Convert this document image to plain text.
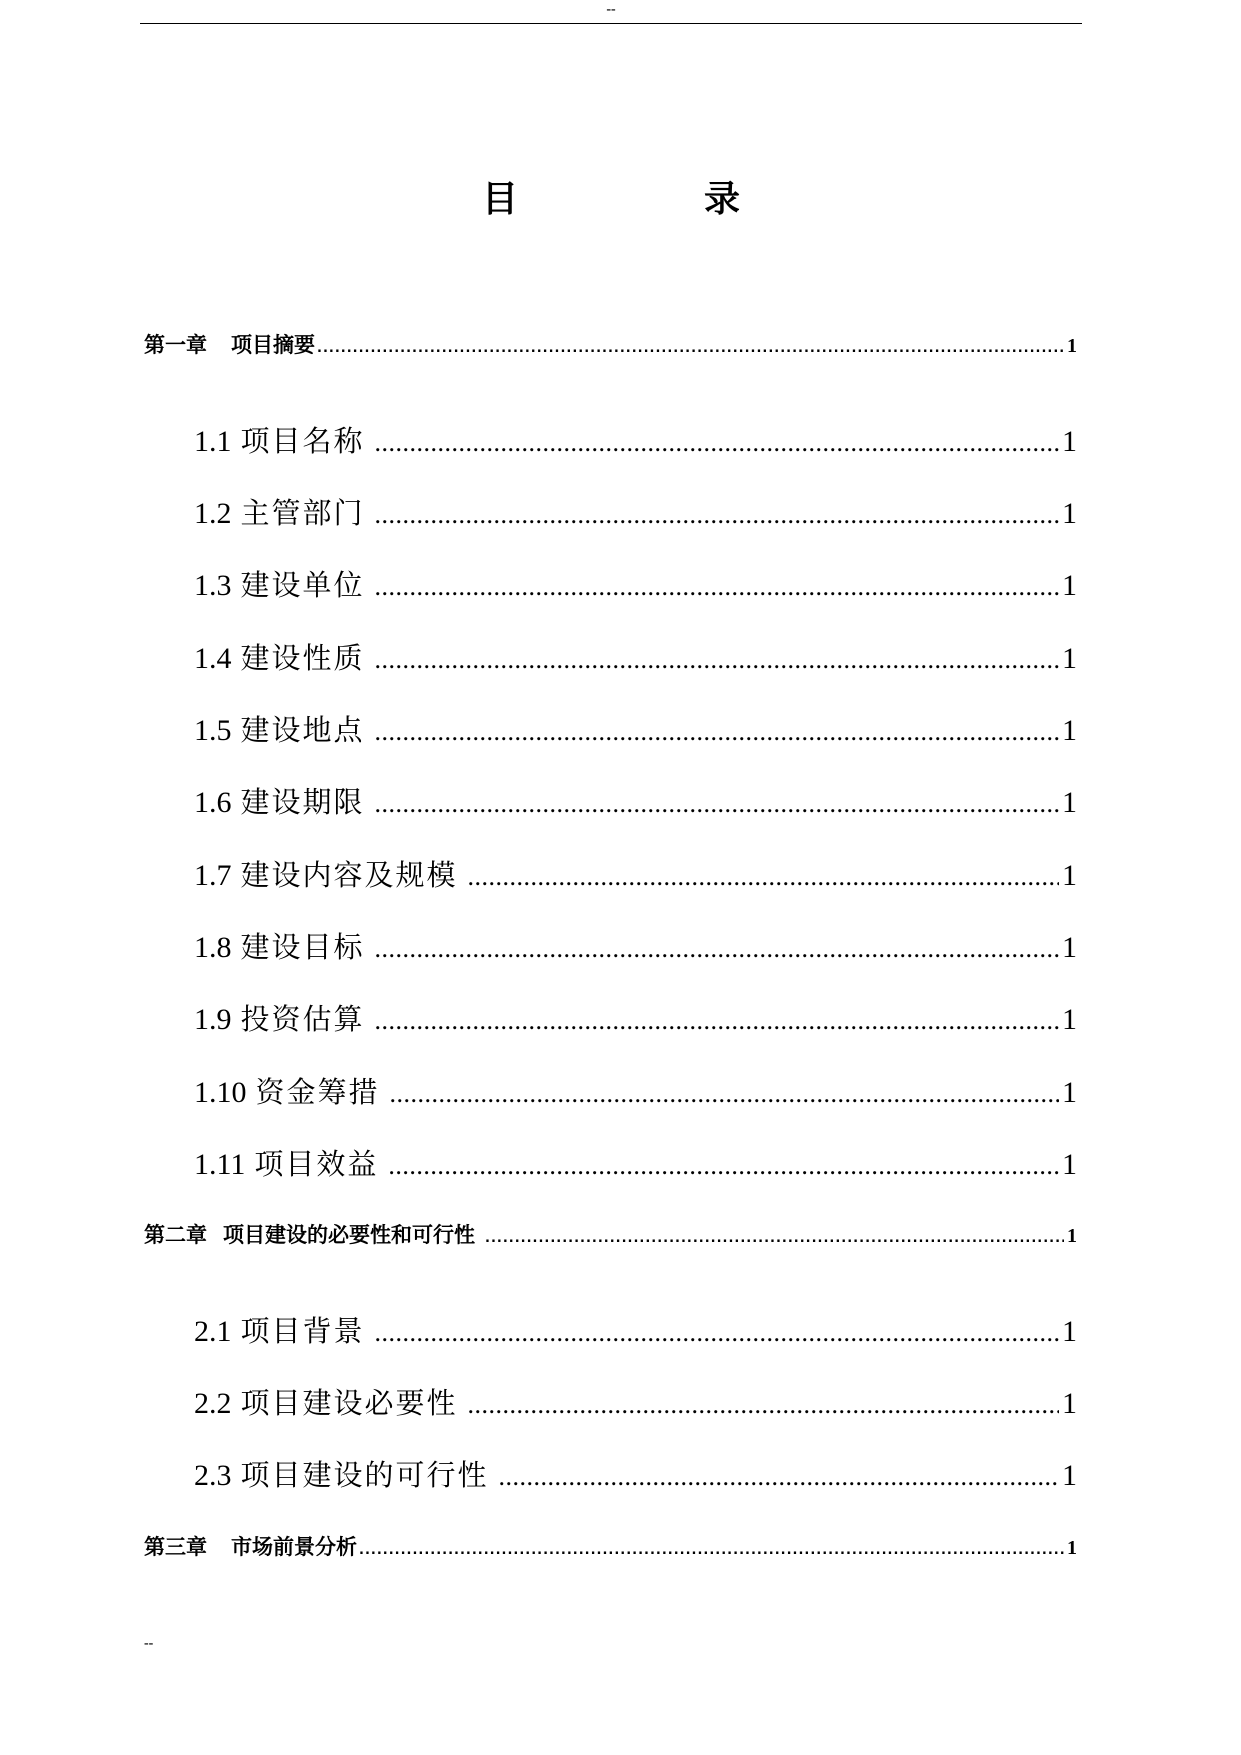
--
目	录
第一章 项目摘要 .....	1
1.1 项目名称 .....	1
1.2 主管部门 .....	1
1.3 建设单位 .....	1
1.4 建设性质 .....	1
1.5 建设地点 .....	1
1.6 建设期限 .....	1
1.7 建设内容及规模 .....	1
1.8 建设目标 .....	1
1.9 投资估算 .....	1
1.10 资金筹措 .....	1
1.11 项目效益 .....	1
第二章 项目建设的必要性和可行性 .....	1
2.1 项目背景 .....	1
2.2 项目建设必要性 .....	1
2.3 项目建设的可行性 .....	1
第三章 市场前景分析 .....	1
--
